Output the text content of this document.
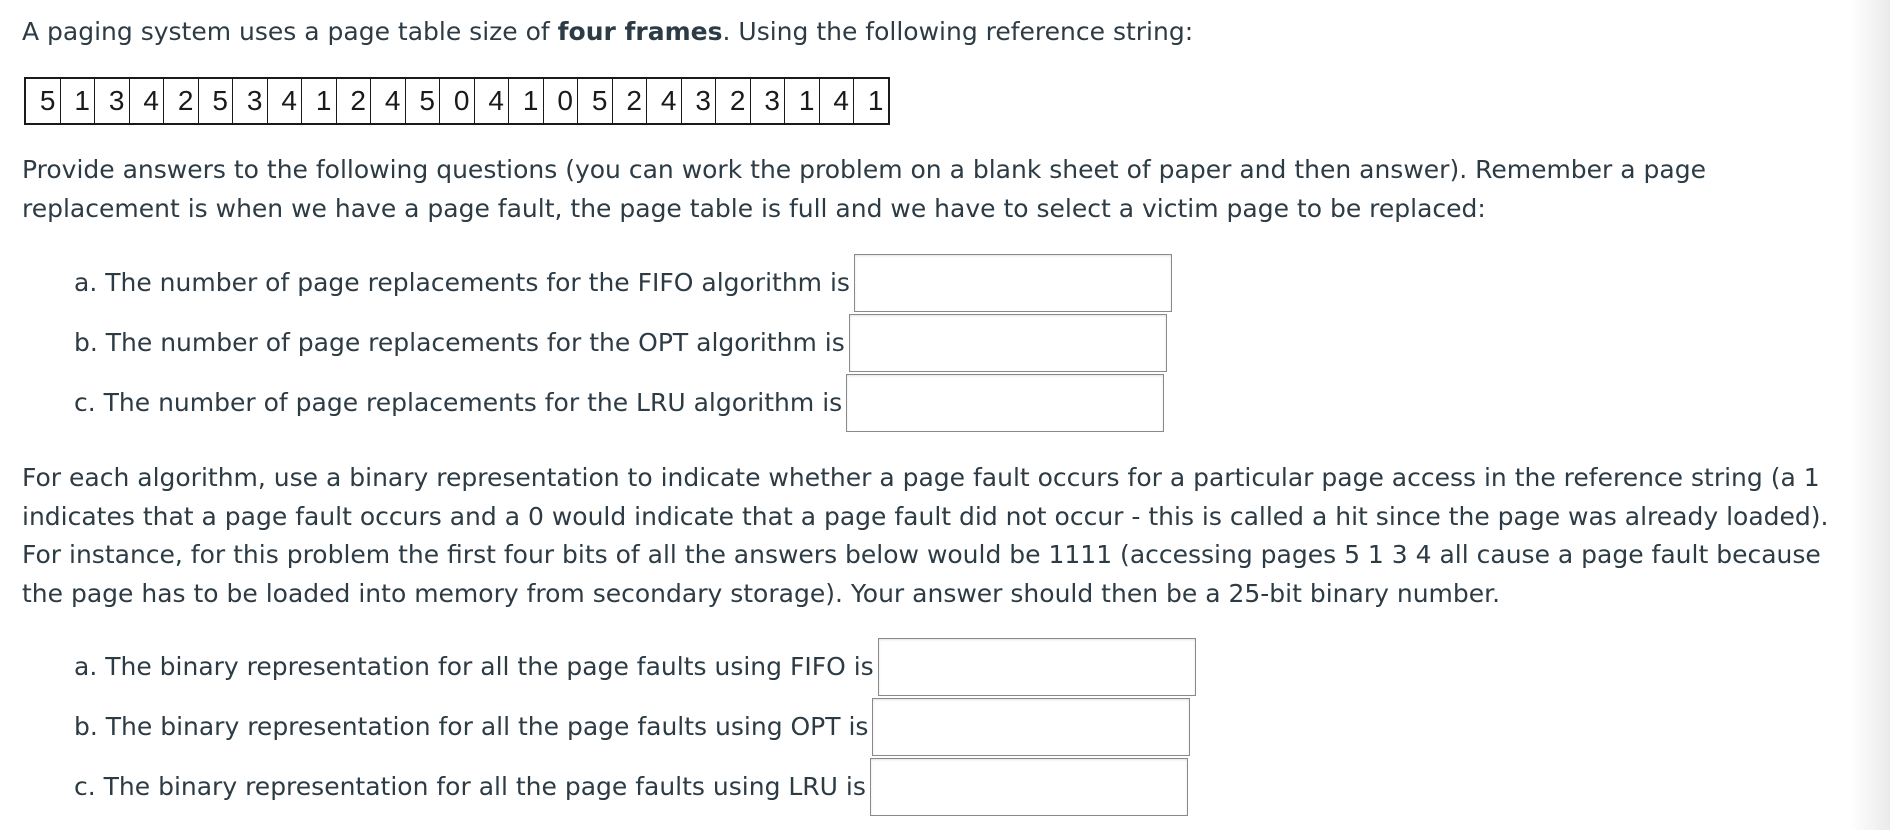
A paging system uses a page table size of four frames. Using the following reference string:
5	1	3	4	2	5	3	4	1	2	4	5	0	4	1	0	5	2	4	3	2	3	1	4	1

Provide answers to the following questions (you can work the problem on a blank sheet of paper and then answer). Remember a page replacement is when we have a page fault, the page table is full and we have to select a victim page to be replaced:

a. The number of page replacements for the FIFO algorithm is
b. The number of page replacements for the OPT algorithm is
c. The number of page replacements for the LRU algorithm is

For each algorithm, use a binary representation to indicate whether a page fault occurs for a particular page access in the reference string (a 1 indicates that a page fault occurs and a 0 would indicate that a page fault did not occur - this is called a hit since the page was already loaded). For instance, for this problem the first four bits of all the answers below would be 1111 (accessing pages 5 1 3 4 all cause a page fault because the page has to be loaded into memory from secondary storage). Your answer should then be a 25-bit binary number.

a. The binary representation for all the page faults using FIFO is
b. The binary representation for all the page faults using OPT is
c. The binary representation for all the page faults using LRU is
